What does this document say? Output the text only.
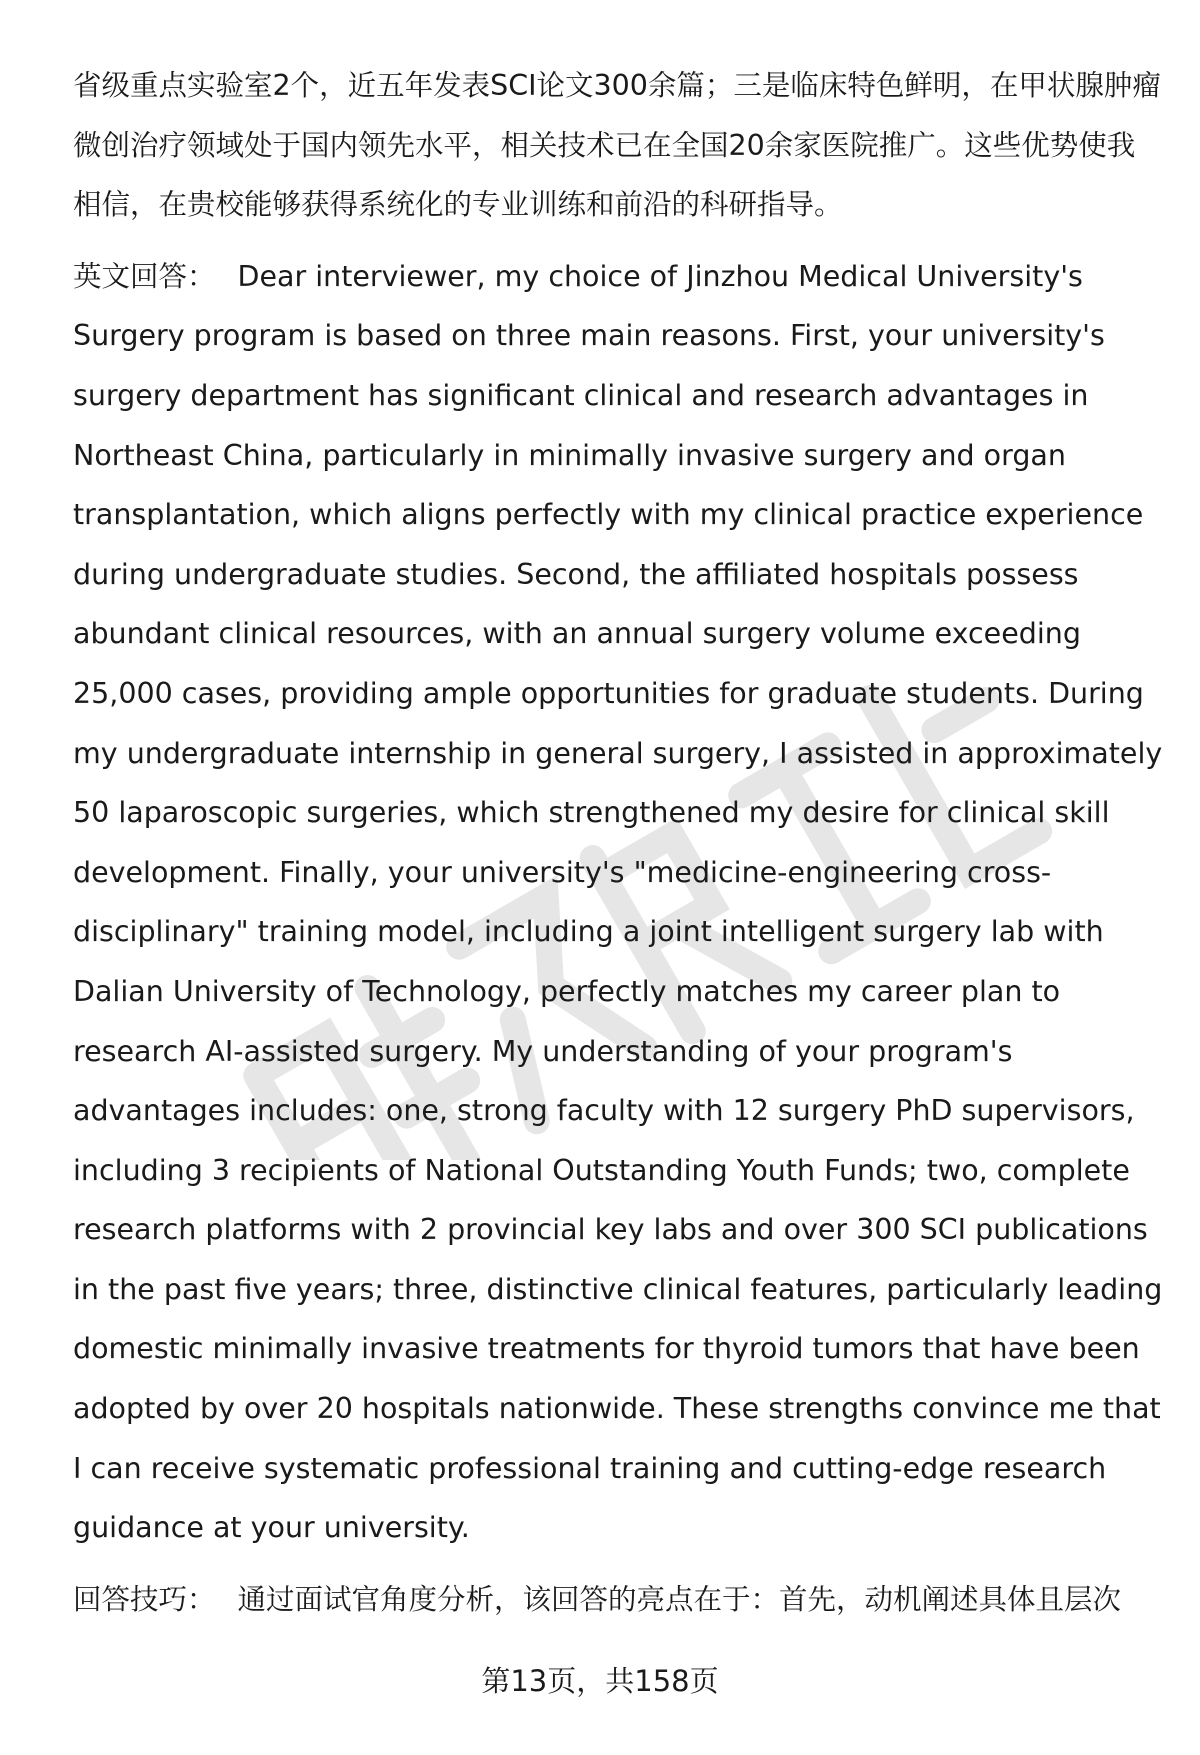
省级重点实验室2个，近五年发表SCI论文300余篇；三是临床特色鲜明，在甲状腺肿瘤微创治疗领域处于国内领先水平，相关技术已在全国20余家医院推广。这些优势使我相信，在贵校能够获得系统化的专业训练和前沿的科研指导。

英文回答： Dear interviewer, my choice of Jinzhou Medical University's Surgery program is based on three main reasons. First, your university's surgery department has significant clinical and research advantages in Northeast China, particularly in minimally invasive surgery and organ transplantation, which aligns perfectly with my clinical practice experience during undergraduate studies. Second, the affiliated hospitals possess abundant clinical resources, with an annual surgery volume exceeding 25,000 cases, providing ample opportunities for graduate students. During my undergraduate internship in general surgery, I assisted in approximately 50 laparoscopic surgeries, which strengthened my desire for clinical skill development. Finally, your university's "medicine-engineering cross-disciplinary" training model, including a joint intelligent surgery lab with Dalian University of Technology, perfectly matches my career plan to research AI-assisted surgery. My understanding of your program's advantages includes: one, strong faculty with 12 surgery PhD supervisors, including 3 recipients of National Outstanding Youth Funds; two, complete research platforms with 2 provincial key labs and over 300 SCI publications in the past five years; three, distinctive clinical features, particularly leading domestic minimally invasive treatments for thyroid tumors that have been adopted by over 20 hospitals nationwide. These strengths convince me that I can receive systematic professional training and cutting-edge research guidance at your university.

回答技巧： 通过面试官角度分析，该回答的亮点在于：首先，动机阐述具体且层次

第13页，共158页
